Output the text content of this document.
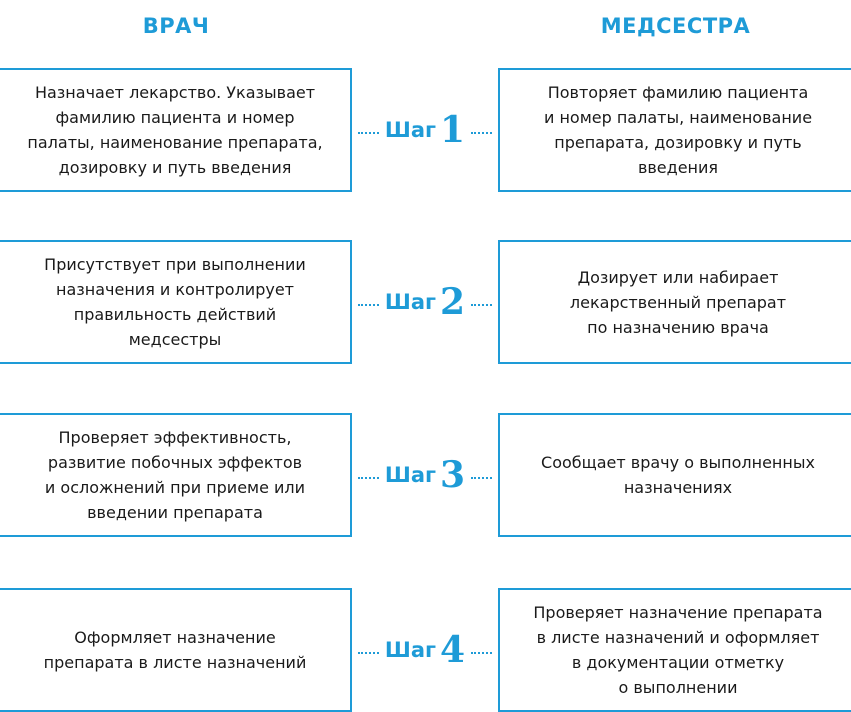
ВРАЧ	МЕДСЕСТРА
Назначает лекарство. Указывает
фамилию пациента и номер
палаты, наименование препарата,
дозировку и путь введения
Шаг 1
Повторяет фамилию пациента
и номер палаты, наименование
препарата, дозировку и путь
введения
Присутствует при выполнении
назначения и контролирует
правильность действий
медсестры
Шаг 2
Дозирует или набирает
лекарственный препарат
по назначению врача
Проверяет эффективность,
развитие побочных эффектов
и осложнений при приеме или
введении препарата
Шаг 3	Сообщает врачу о выполненных
назначениях
Оформляет назначение
препарата в листе назначений
Шаг 4
Проверяет назначение препарата
в листе назначений и оформляет
в документации отметку
о выполнении
